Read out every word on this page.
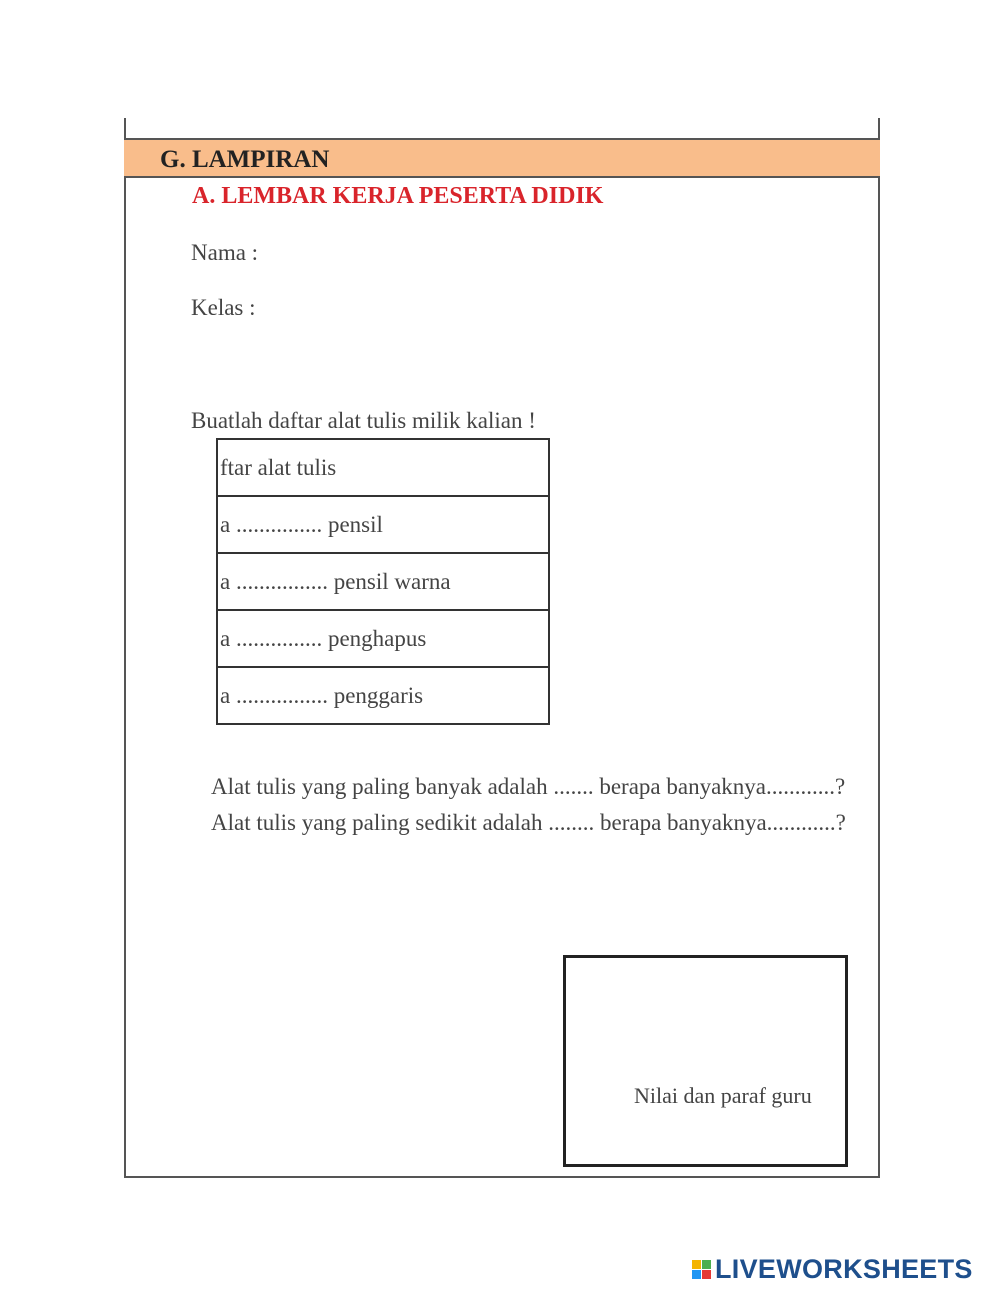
G. LAMPIRAN
A. LEMBAR KERJA PESERTA DIDIK
Nama :
Kelas :
Buatlah daftar alat tulis milik kalian !
ftar alat tulis
a ............... pensil
a ................ pensil warna
a ............... penghapus
a ................ penggaris
Alat tulis yang paling banyak adalah ....... berapa banyaknya............?
Alat tulis yang paling sedikit adalah ........ berapa banyaknya............?
Nilai dan paraf guru
LIVEWORKSHEETS
